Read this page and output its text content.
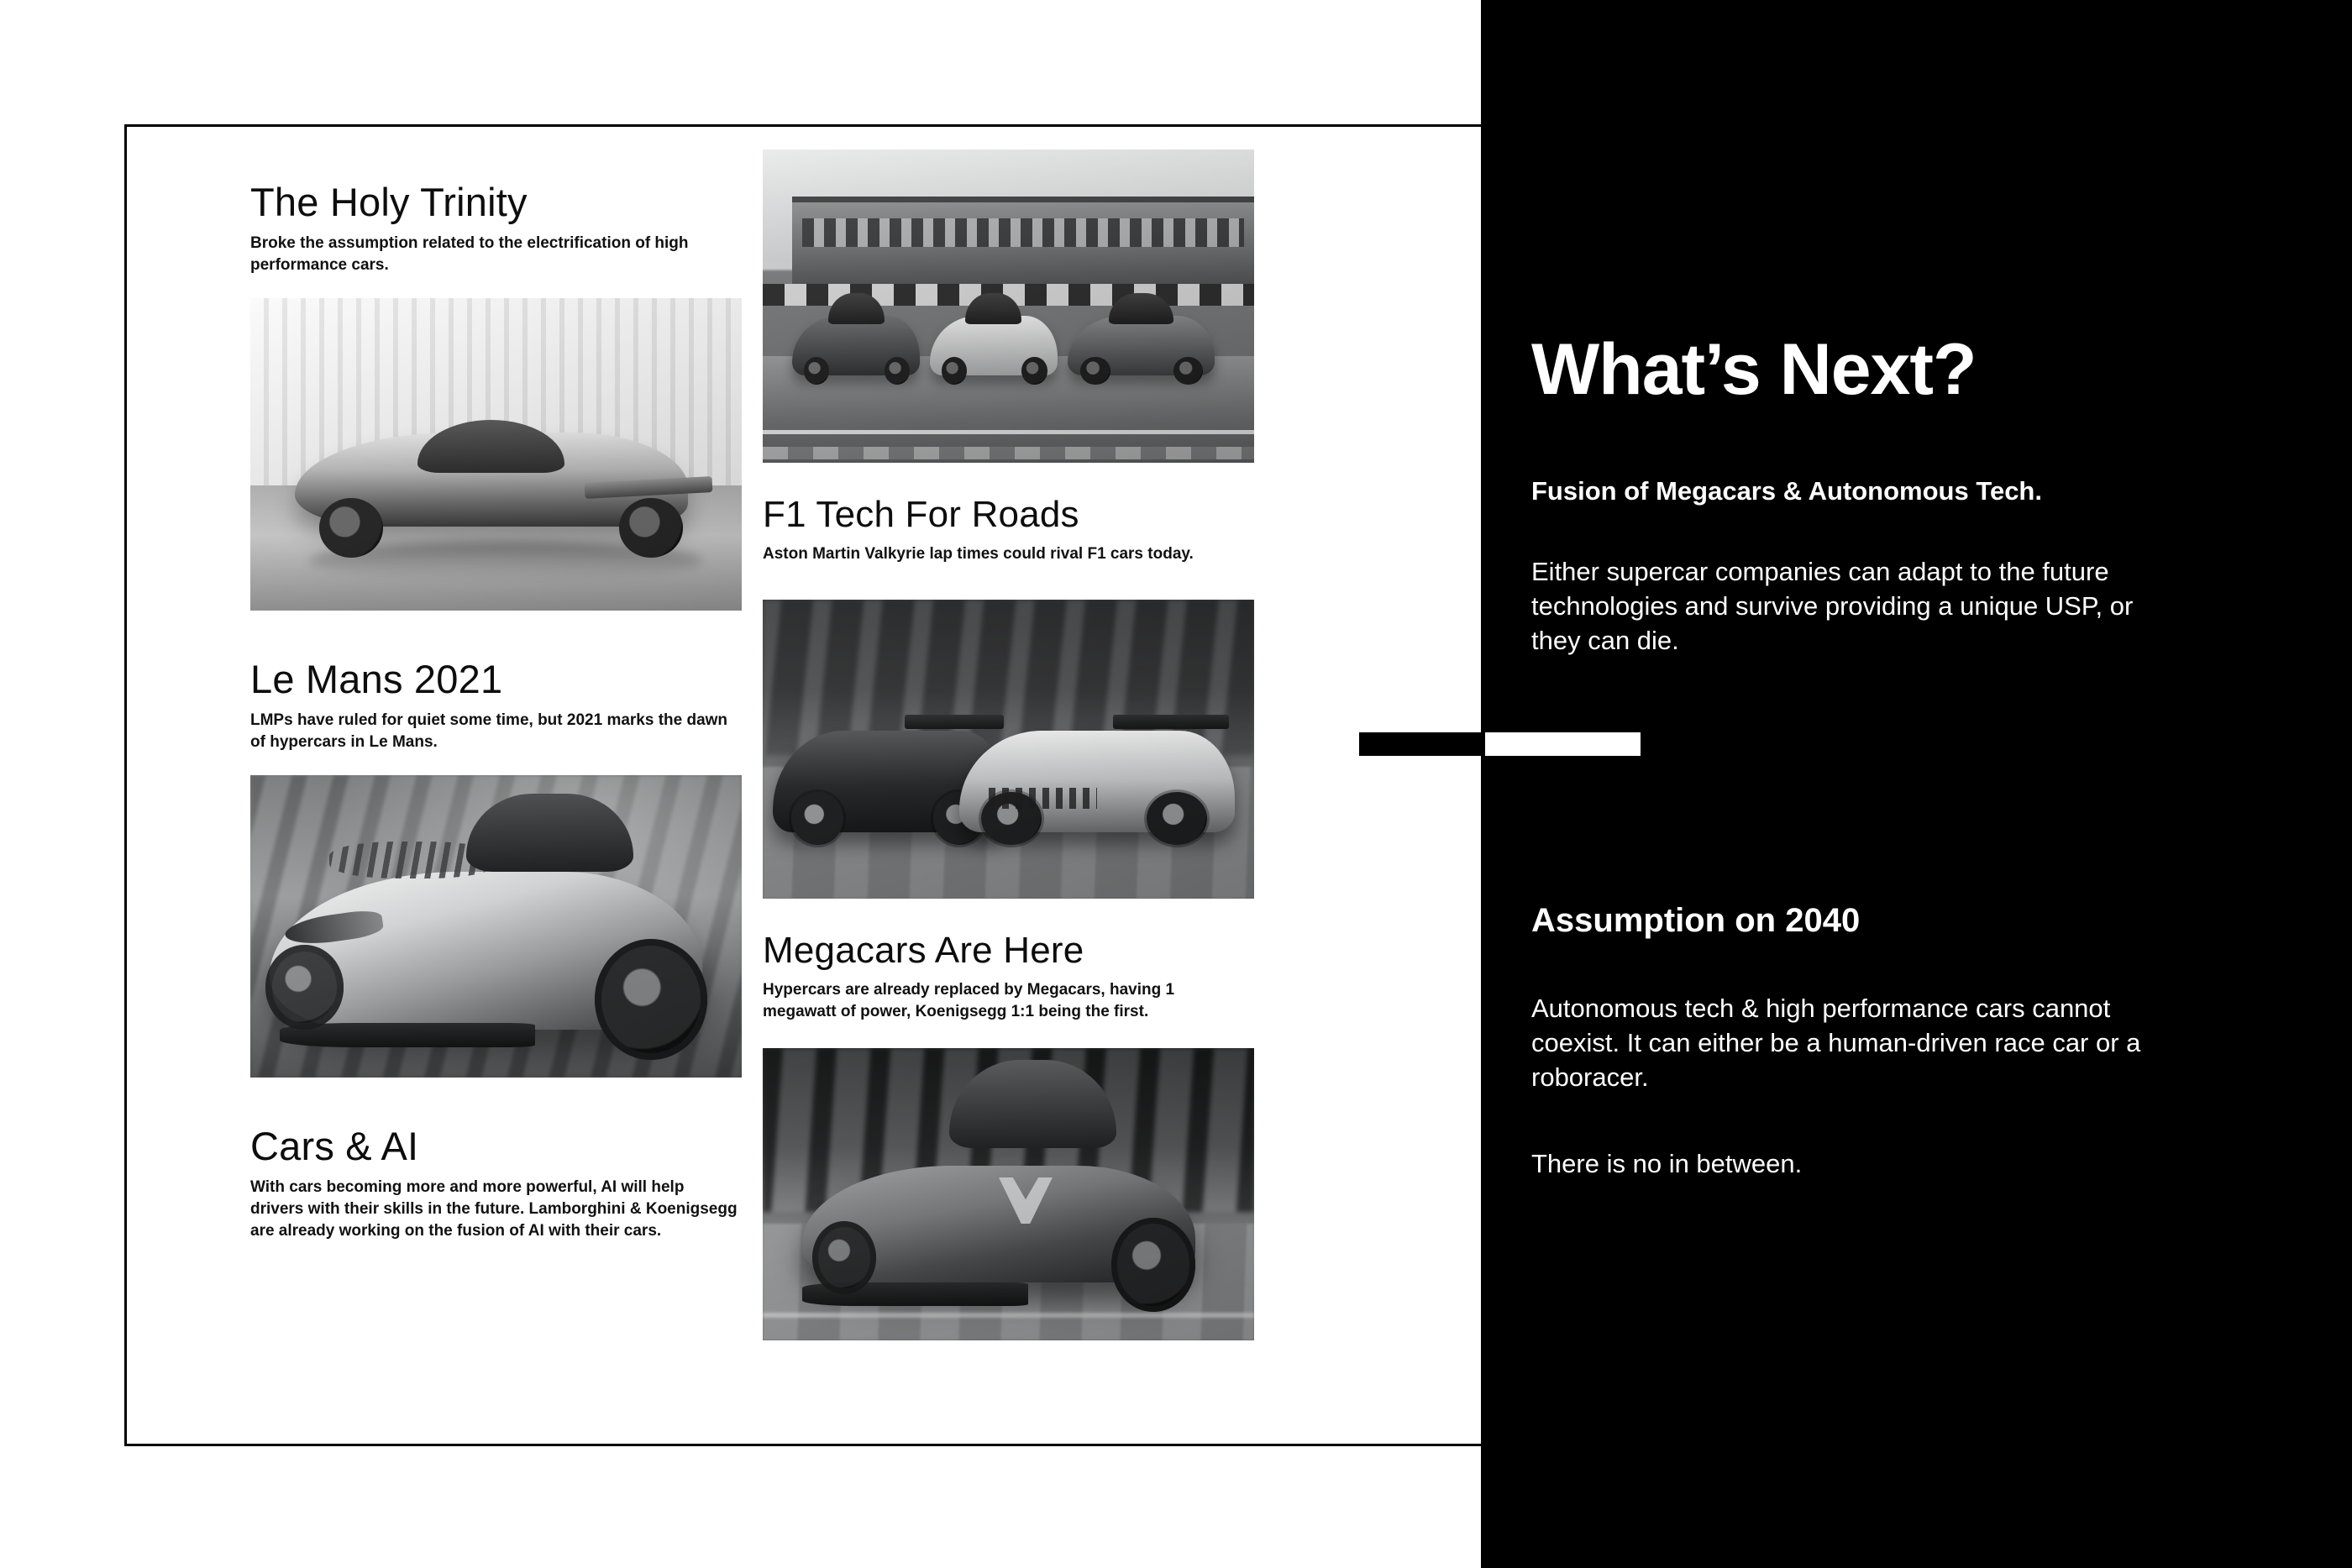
The Holy Trinity

Broke the assumption related to the electrification of high performance cars.

Le Mans 2021

LMPs have ruled for quiet some time, but 2021 marks the dawn of hypercars in Le Mans.

Cars & AI

With cars becoming more and more powerful, AI will help drivers with their skills in the future. Lamborghini & Koenigsegg are already working on the fusion of AI with their cars.

F1 Tech For Roads

Aston Martin Valkyrie lap times could rival F1 cars today.

Megacars Are Here

Hypercars are already replaced by Megacars, having 1 megawatt of power, Koenigsegg 1:1 being the first.

What’s Next?

Fusion of Megacars & Autonomous Tech.

Either supercar companies can adapt to the future technologies and survive providing a unique USP, or they can die.

Assumption on 2040

Autonomous tech & high performance cars cannot coexist. It can either be a human-driven race car or a roboracer.

There is no in between.
